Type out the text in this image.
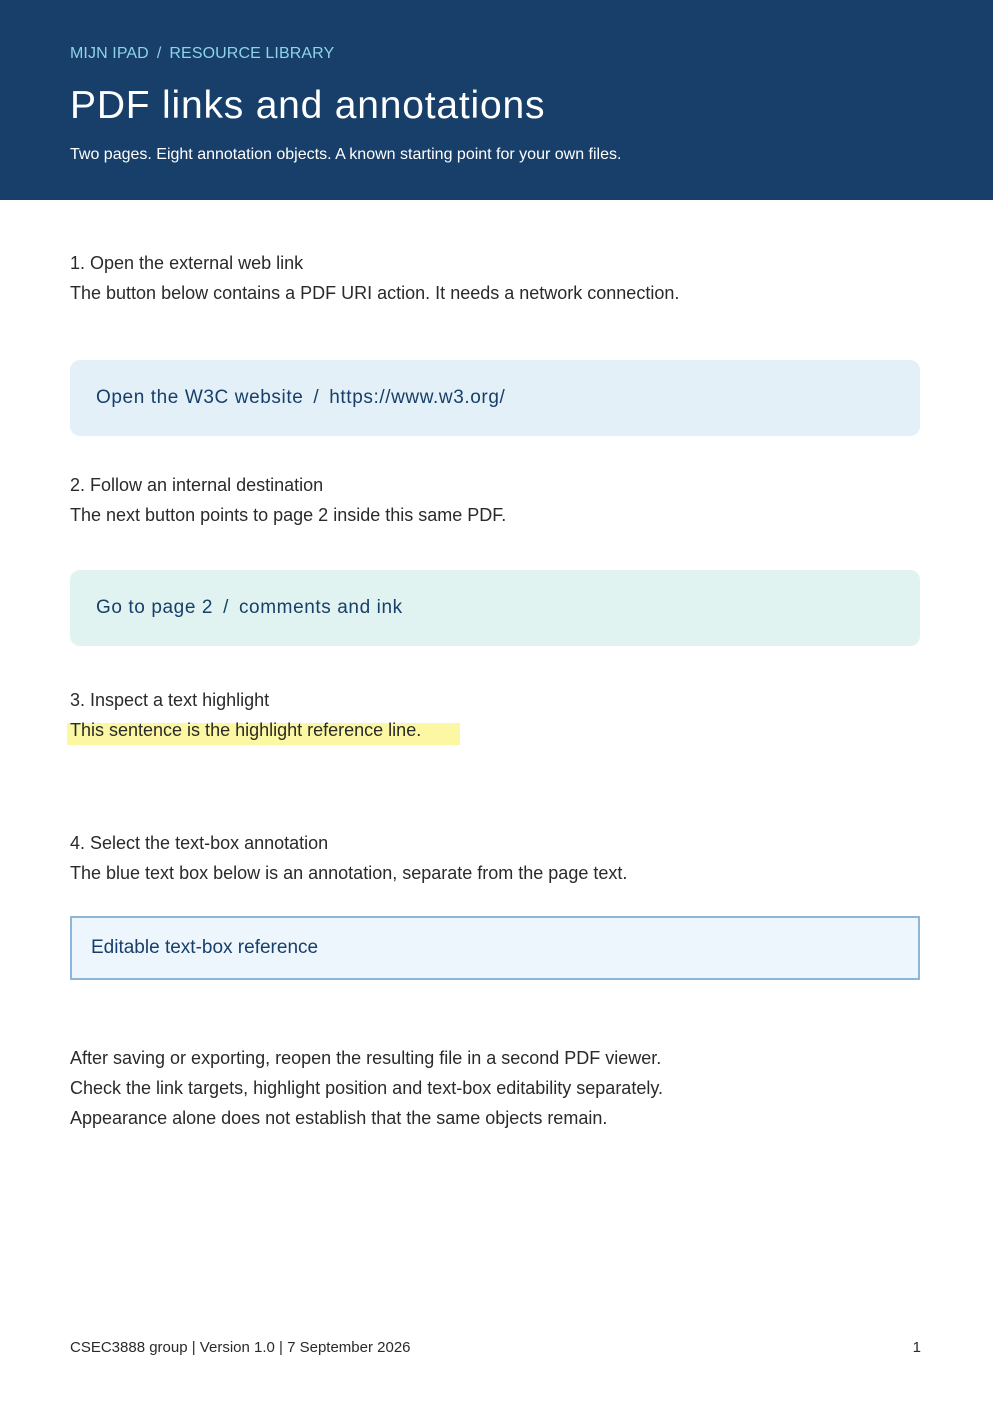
MIJN IPAD / RESOURCE LIBRARY
PDF links and annotations
Two pages. Eight annotation objects. A known starting point for your own files.
1. Open the external web link
The button below contains a PDF URI action. It needs a network connection.
Open the W3C website / https://www.w3.org/
2. Follow an internal destination
The next button points to page 2 inside this same PDF.
Go to page 2 / comments and ink
3. Inspect a text highlight
This sentence is the highlight reference line.
4. Select the text-box annotation
The blue text box below is an annotation, separate from the page text.
Editable text-box reference
After saving or exporting, reopen the resulting file in a second PDF viewer.
Check the link targets, highlight position and text-box editability separately.
Appearance alone does not establish that the same objects remain.
CSEC3888 group | Version 1.0 | 7 September 2026	1
